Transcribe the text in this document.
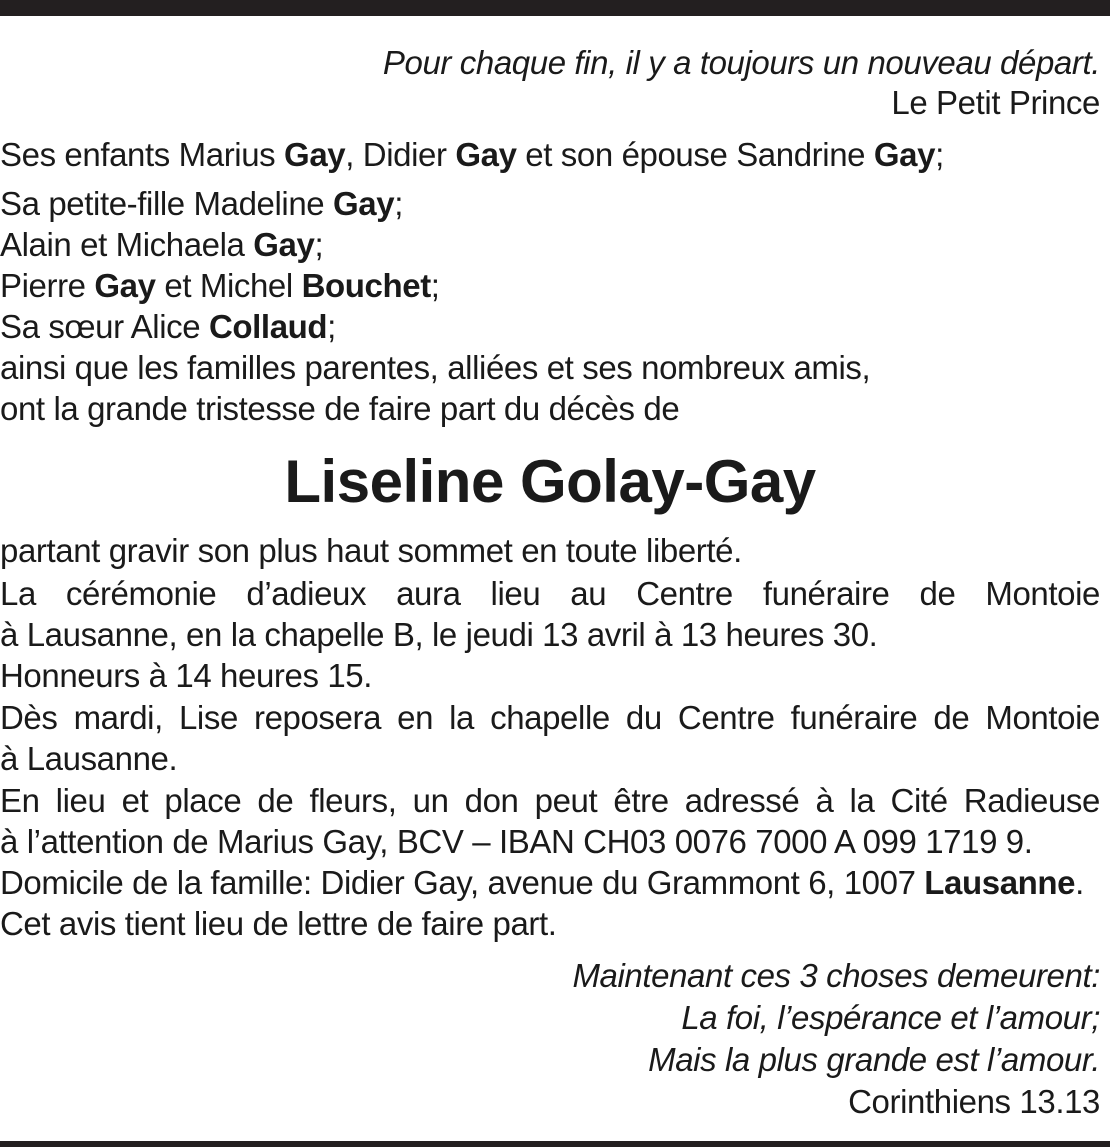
Pour chaque fin, il y a toujours un nouveau départ.
Le Petit Prince
Ses enfants Marius Gay, Didier Gay et son épouse Sandrine Gay;
Sa petite-fille Madeline Gay;
Alain et Michaela Gay;
Pierre Gay et Michel Bouchet;
Sa sœur Alice Collaud;
ainsi que les familles parentes, alliées et ses nombreux amis,
ont la grande tristesse de faire part du décès de
Liseline Golay-Gay
partant gravir son plus haut sommet en toute liberté.
La cérémonie d’adieux aura lieu au Centre funéraire de Montoie
à Lausanne, en la chapelle B, le jeudi 13 avril à 13 heures 30.
Honneurs à 14 heures 15.
Dès mardi, Lise reposera en la chapelle du Centre funéraire de Montoie
à Lausanne.
En lieu et place de fleurs, un don peut être adressé à la Cité Radieuse
à l’attention de Marius Gay, BCV – IBAN CH03 0076 7000 A 099 1719 9.
Domicile de la famille: Didier Gay, avenue du Grammont 6, 1007 Lausanne.
Cet avis tient lieu de lettre de faire part.
Maintenant ces 3 choses demeurent:
La foi, l’espérance et l’amour;
Mais la plus grande est l’amour.
Corinthiens 13.13
